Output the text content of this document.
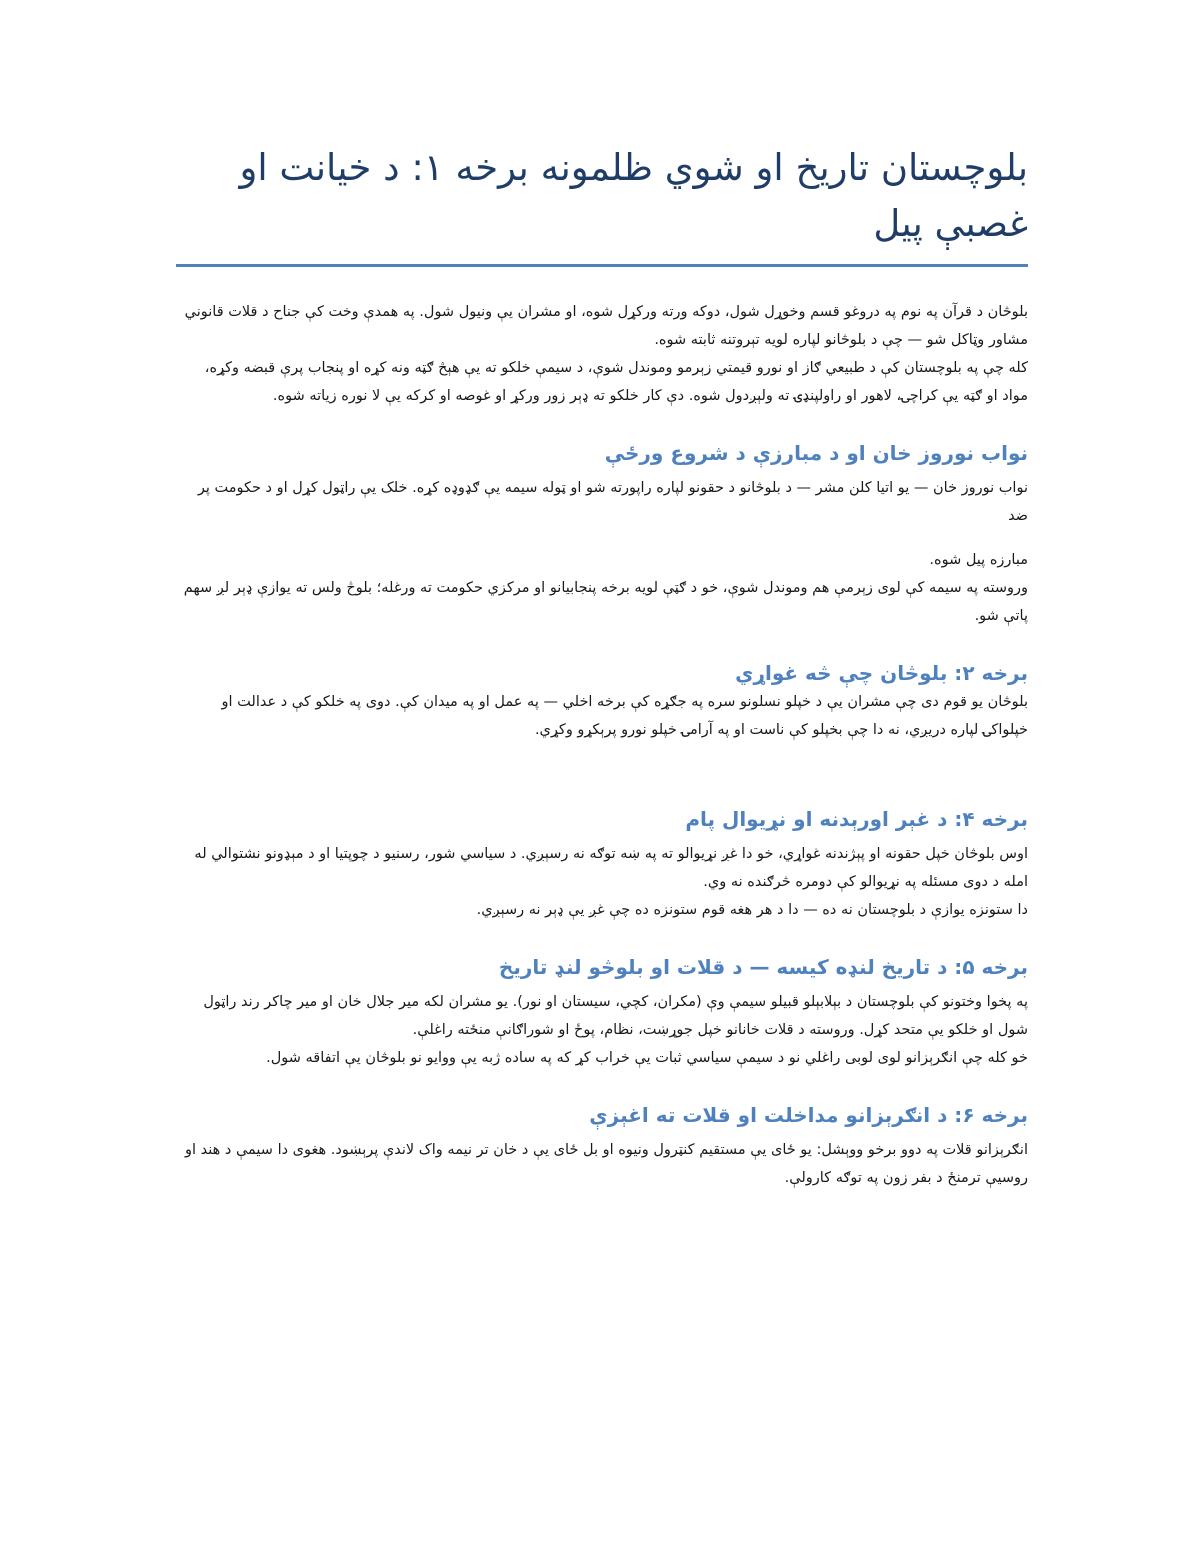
بلوچستان تاریخ او شوي ظلمونه برخه ۱: د خیانت او غصبې پیل

بلوڅان د قرآن په نوم په دروغو قسم وخوړل شول، دوکه ورته ورکړل شوه، او مشران یې ونیول شول. په همدې وخت کې جناح د قلات قانوني مشاور وټاکل شو — چې د بلوڅانو لپاره لویه تېروتنه ثابته شوه.

کله چې په بلوچستان کې د طبیعي ګاز او نورو قیمتي زېرمو وموندل شوې، د سیمې خلکو ته یې هېڅ ګټه ونه کړه او پنجاب پرې قبضه وکړه، مواد او ګټه یې کراچۍ، لاهور او راولپنډۍ ته ولېږدول شوه. دې کار خلکو ته ډېر زور ورکړ او غوصه او کرکه یې لا نوره زیاته شوه.

نواب نوروز خان او د مبارزې د شروع ورځې

نواب نوروز خان — یو اتیا کلن مشر — د بلوڅانو د حقونو لپاره راپورته شو او ټوله سیمه یې ګډوډه کړه. خلک یې راټول کړل او د حکومت پر ضد

مبارزه پیل شوه.

وروسته په سیمه کې لوی زېرمې هم وموندل شوې، خو د ګټې لویه برخه پنجابیانو او مرکزي حکومت ته ورغله؛ بلوڅ ولس ته یوازې ډېر لږ سهم پاتې شو.

برخه ۲: بلوڅان چې څه غواړي

بلوڅان یو قوم دی چې مشران یې د خپلو نسلونو سره په جګړه کې برخه اخلي — په عمل او په میدان کې. دوی په خلکو کې د عدالت او خپلواکۍ لپاره دریږي، نه دا چې بخپلو کې ناست او په آرامۍ خپلو نورو پرېکړو وکړي.

برخه ۴: د غېر اورېدنه او نړیوال پام

اوس بلوڅان خپل حقونه او پېژندنه غواړي، خو دا غږ نړیوالو ته په ښه توګه نه رسېږي. د سیاسي شور، رسنیو د چوپتیا او د مېډونو نشتوالي له امله د دوی مسئله په نړیوالو کې دومره څرګنده نه وي.

دا ستونزه یوازې د بلوچستان نه ده — دا د هر هغه قوم ستونزه ده چې غږ یې ډېر نه رسېږي.

برخه ۵: د تاریخ لنډه کیسه — د قلات او بلوڅو لنډ تاریخ

په پخوا وختونو کې بلوچستان د بېلابېلو قبیلو سیمې وې (مکران، کچي، سیستان او نور). یو مشران لکه میر جلال خان او میر چاکر رند راټول شول او خلکو یې متحد کړل. وروسته د قلات خانانو خپل جوړښت، نظام، پوځ او شوراګانې منځته راغلې.

خو کله چې انګرېزانو لوی لوبی راغلي نو د سیمې سیاسي ثبات یې خراب کړ که په ساده ژبه یې ووایو نو بلوڅان یې اتفاقه شول.

برخه ۶: د انګرېزانو مداخلت او قلات ته اغېزې

انګرېزانو قلات په دوو برخو ووېشل: یو ځای یې مستقیم کنټرول ونیوه او بل ځای یې د خان تر نیمه واک لاندې پرېښود. هغوی دا سیمې د هند او روسیې ترمنځ د بفر زون په توګه کارولې.
